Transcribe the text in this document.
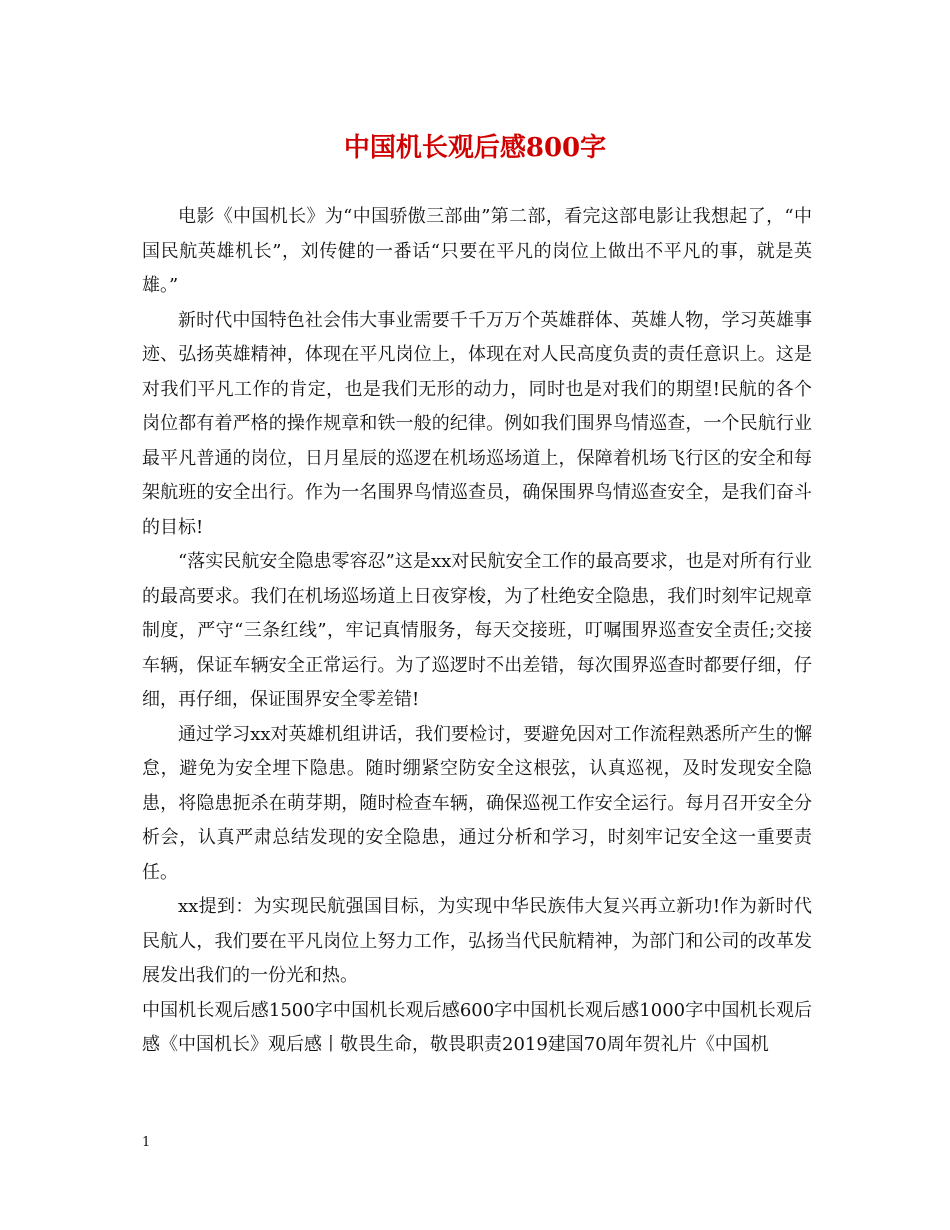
中国机长观后感800字

电影《中国机长》为“中国骄傲三部曲”第二部，看完这部电影让我想起了，“中国民航英雄机长”，刘传健的一番话“只要在平凡的岗位上做出不平凡的事，就是英雄。”

新时代中国特色社会伟大事业需要千千万万个英雄群体、英雄人物，学习英雄事迹、弘扬英雄精神，体现在平凡岗位上，体现在对人民高度负责的责任意识上。这是对我们平凡工作的肯定，也是我们无形的动力，同时也是对我们的期望!民航的各个岗位都有着严格的操作规章和铁一般的纪律。例如我们围界鸟情巡查，一个民航行业最平凡普通的岗位，日月星辰的巡逻在机场巡场道上，保障着机场飞行区的安全和每架航班的安全出行。作为一名围界鸟情巡查员，确保围界鸟情巡查安全，是我们奋斗的目标!

“落实民航安全隐患零容忍”这是xx对民航安全工作的最高要求，也是对所有行业的最高要求。我们在机场巡场道上日夜穿梭，为了杜绝安全隐患，我们时刻牢记规章制度，严守“三条红线”，牢记真情服务，每天交接班，叮嘱围界巡查安全责任;交接车辆，保证车辆安全正常运行。为了巡逻时不出差错，每次围界巡查时都要仔细，仔细，再仔细，保证围界安全零差错!

通过学习xx对英雄机组讲话，我们要检讨，要避免因对工作流程熟悉所产生的懈怠，避免为安全埋下隐患。随时绷紧空防安全这根弦，认真巡视，及时发现安全隐患，将隐患扼杀在萌芽期，随时检查车辆，确保巡视工作安全运行。每月召开安全分析会，认真严肃总结发现的安全隐患，通过分析和学习，时刻牢记安全这一重要责任。

xx提到：为实现民航强国目标，为实现中华民族伟大复兴再立新功!作为新时代民航人，我们要在平凡岗位上努力工作，弘扬当代民航精神，为部门和公司的改革发展发出我们的一份光和热。

中国机长观后感1500字中国机长观后感600字中国机长观后感1000字中国机长观后感《中国机长》观后感丨敬畏生命，敬畏职责2019建国70周年贺礼片《中国机

1
